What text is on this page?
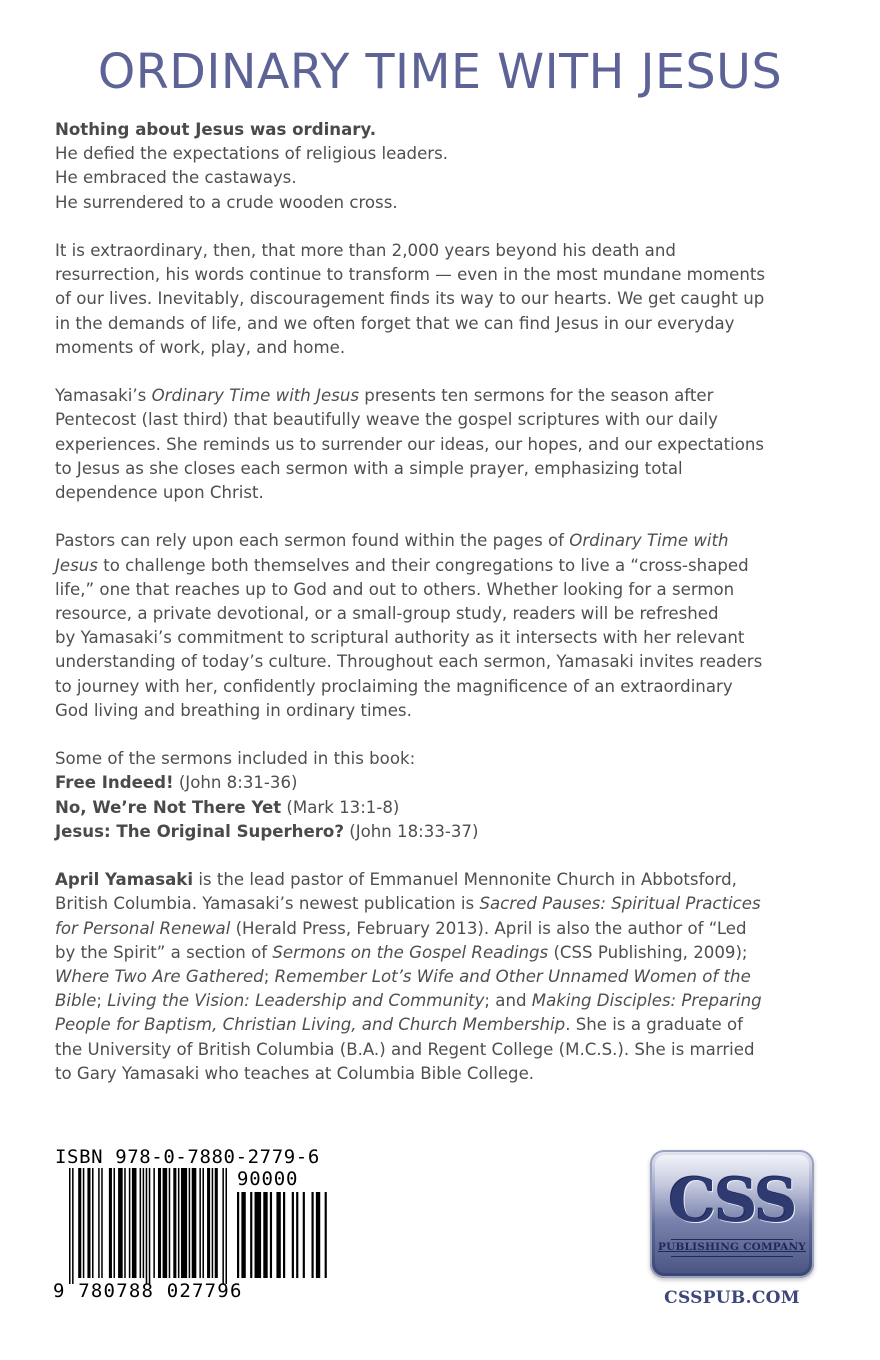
ORDINARY TIME WITH JESUS

Nothing about Jesus was ordinary.
He defied the expectations of religious leaders.
He embraced the castaways.
He surrendered to a crude wooden cross.

It is extraordinary, then, that more than 2,000 years beyond his death and
resurrection, his words continue to transform — even in the most mundane moments
of our lives. Inevitably, discouragement finds its way to our hearts. We get caught up
in the demands of life, and we often forget that we can find Jesus in our everyday
moments of work, play, and home.

Yamasaki’s Ordinary Time with Jesus presents ten sermons for the season after
Pentecost (last third) that beautifully weave the gospel scriptures with our daily
experiences. She reminds us to surrender our ideas, our hopes, and our expectations
to Jesus as she closes each sermon with a simple prayer, emphasizing total
dependence upon Christ.

Pastors can rely upon each sermon found within the pages of Ordinary Time with
Jesus to challenge both themselves and their congregations to live a “cross-shaped
life,” one that reaches up to God and out to others. Whether looking for a sermon
resource, a private devotional, or a small-group study, readers will be refreshed
by Yamasaki’s commitment to scriptural authority as it intersects with her relevant
understanding of today’s culture. Throughout each sermon, Yamasaki invites readers
to journey with her, confidently proclaiming the magnificence of an extraordinary
God living and breathing in ordinary times.

Some of the sermons included in this book:
Free Indeed! (John 8:31-36)
No, We’re Not There Yet (Mark 13:1-8)
Jesus: The Original Superhero? (John 18:33-37)

April Yamasaki is the lead pastor of Emmanuel Mennonite Church in Abbotsford,
British Columbia. Yamasaki’s newest publication is Sacred Pauses: Spiritual Practices
for Personal Renewal (Herald Press, February 2013). April is also the author of “Led
by the Spirit” a section of Sermons on the Gospel Readings (CSS Publishing, 2009);
Where Two Are Gathered; Remember Lot’s Wife and Other Unnamed Women of the
Bible; Living the Vision: Leadership and Community; and Making Disciples: Preparing
People for Baptism, Christian Living, and Church Membership. She is a graduate of
the University of British Columbia (B.A.) and Regent College (M.C.S.). She is married
to Gary Yamasaki who teaches at Columbia Bible College.

ISBN 978-0-7880-2779-6
90000
9 780788 027796
CSS
PUBLISHING COMPANY
CSSPUB.COM
